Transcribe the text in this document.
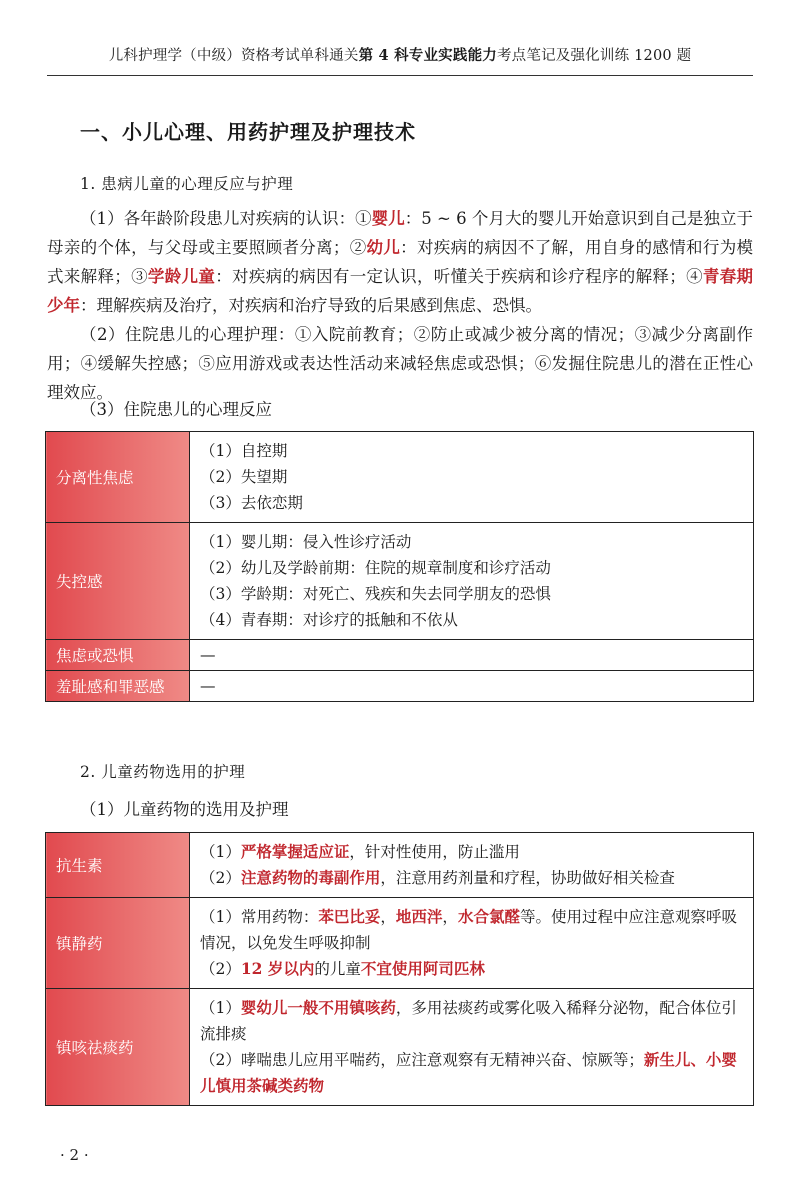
儿科护理学（中级）资格考试单科通关第 4 科专业实践能力考点笔记及强化训练 1200 题
一、小儿心理、用药护理及护理技术
1. 患病儿童的心理反应与护理
（1）各年龄阶段患儿对疾病的认识：①婴儿：5 ~ 6 个月大的婴儿开始意识到自己是独立于母亲的个体，与父母或主要照顾者分离；②幼儿：对疾病的病因不了解，用自身的感情和行为模式来解释；③学龄儿童：对疾病的病因有一定认识，听懂关于疾病和诊疗程序的解释；④青春期少年：理解疾病及治疗，对疾病和治疗导致的后果感到焦虑、恐惧。
（2）住院患儿的心理护理：①入院前教育；②防止或减少被分离的情况；③减少分离副作用；④缓解失控感；⑤应用游戏或表达性活动来减轻焦虑或恐惧；⑥发掘住院患儿的潜在正性心理效应。
（3）住院患儿的心理反应
分离性焦虑	（1）自控期
（2）失望期
（3）去依恋期

失控感	（1）婴儿期：侵入性诊疗活动
（2）幼儿及学龄前期：住院的规章制度和诊疗活动
（3）学龄期：对死亡、残疾和失去同学朋友的恐惧
（4）青春期：对诊疗的抵触和不依从

焦虑或恐惧	—
羞耻感和罪恶感	—
2. 儿童药物选用的护理
（1）儿童药物的选用及护理
抗生素	（1）严格掌握适应证，针对性使用，防止滥用
（2）注意药物的毒副作用，注意用药剂量和疗程，协助做好相关检查

镇静药	（1）常用药物：苯巴比妥，地西泮，水合氯醛等。使用过程中应注意观察呼吸情况，以免发生呼吸抑制
（2）12 岁以内的儿童不宜使用阿司匹林

镇咳祛痰药	（1）婴幼儿一般不用镇咳药，多用祛痰药或雾化吸入稀释分泌物，配合体位引流排痰
（2）哮喘患儿应用平喘药，应注意观察有无精神兴奋、惊厥等；新生儿、小婴儿慎用茶碱类药物
· 2 ·
